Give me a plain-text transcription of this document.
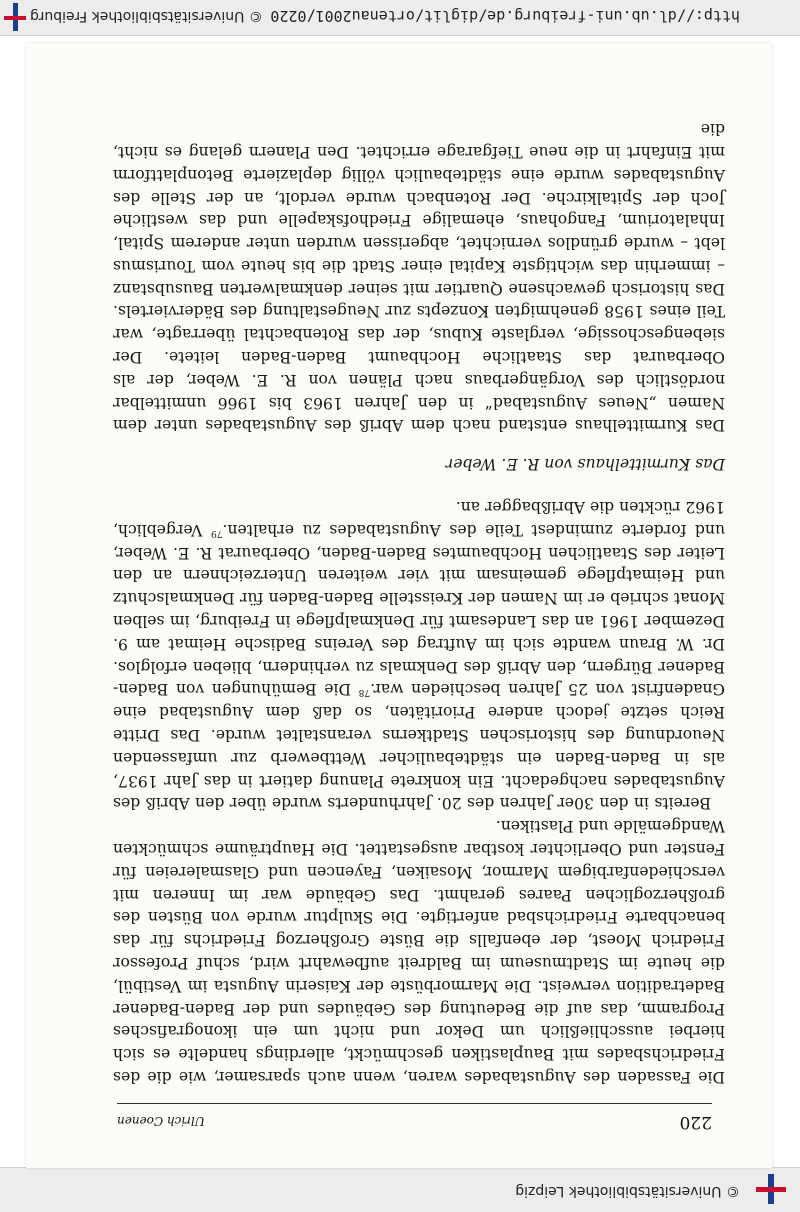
© Universitätsbibliothek Leipzig
220
Ulrich Coenen

Die Fassaden des Augustabades waren, wenn auch sparsamer, wie die des Friedrichsbades mit Bauplastiken geschmückt, allerdings handelte es sich hierbei ausschließlich um Dekor und nicht um ein ikonografisches Programm, das auf die Bedeutung des Gebäudes und der Baden-Badener Badetradition verweist. Die Marmorbüste der Kaiserin Augusta im Vestibül, die heute im Stadtmuseum im Baldreit aufbewahrt wird, schuf Professor Friedrich Moest, der ebenfalls die Büste Großherzog Friedrichs für das benachbarte Friedrichsbad anfertigte. Die Skulptur wurde von Büsten des großherzoglichen Paares gerahmt. Das Gebäude war im Inneren mit verschiedenfarbigem Marmor, Mosaiken, Fayencen und Glasmalereien für Fenster und Oberlichter kostbar ausgestattet. Die Haupträume schmückten Wandgemälde und Plastiken.

Bereits in den 30er Jahren des 20. Jahrhunderts wurde über den Abriß des Augustabades nachgedacht. Ein konkrete Planung datiert in das Jahr 1937, als in Baden-Baden ein städtebaulicher Wettbewerb zur umfassenden Neuordnung des historischen Stadtkerns veranstaltet wurde. Das Dritte Reich setzte jedoch andere Prioritäten, so daß dem Augustabad eine Gnadenfrist von 25 Jahren beschieden war.$^{78}$ Die Bemühungen von Baden-Badener Bürgern, den Abriß des Denkmals zu verhindern, blieben erfolglos. Dr. W. Braun wandte sich im Auftrag des Vereins Badische Heimat am 9. Dezember 1961 an das Landesamt für Denkmalpflege in Freiburg, im selben Monat schrieb er im Namen der Kreisstelle Baden-Baden für Denkmalschutz und Heimatpflege gemeinsam mit vier weiteren Unterzeichnern an den Leiter des Staatlichen Hochbaumtes Baden-Baden, Oberbaurat R. E. Weber, und forderte zumindest Teile des Augustabades zu erhalten.$^{79}$ Vergeblich, 1962 rückten die Abrißbagger an.

Das Kurmittelhaus von R. E. Weber

Das Kurmittelhaus entstand nach dem Abriß des Augustabades unter dem Namen „Neues Augustabad“ in den Jahren 1963 bis 1966 unmittelbar nordöstlich des Vorgängerbaus nach Plänen von R. E. Weber, der als Oberbaurat das Staatliche Hochbaumt Baden-Baden leitete. Der siebengeschossige, verglaste Kubus, der das Rotenbachtal überragte, war Teil eines 1958 genehmigten Konzepts zur Neugestaltung des Bäderviertels. Das historisch gewachsene Quartier mit seiner denkmalwerten Bausubstanz – immerhin das wichtigste Kapital einer Stadt die bis heute vom Tourismus lebt – wurde gründlos vernichtet, abgerissen wurden unter anderem Spital, Inhalatorium, Fangohaus, ehemalige Friedhofskapelle und das westliche Joch der Spitalkirche. Der Rotenbach wurde verdolt, an der Stelle des Augustabades wurde eine städtebaulich völlig deplazierte Betonplattform mit Einfahrt in die neue Tiefgarage errichtet. Den Planern gelang es nicht, die

http://dl.ub.uni-freiburg.de/diglit/ortenau2001/0220
© Universitätsbibliothek Freiburg
